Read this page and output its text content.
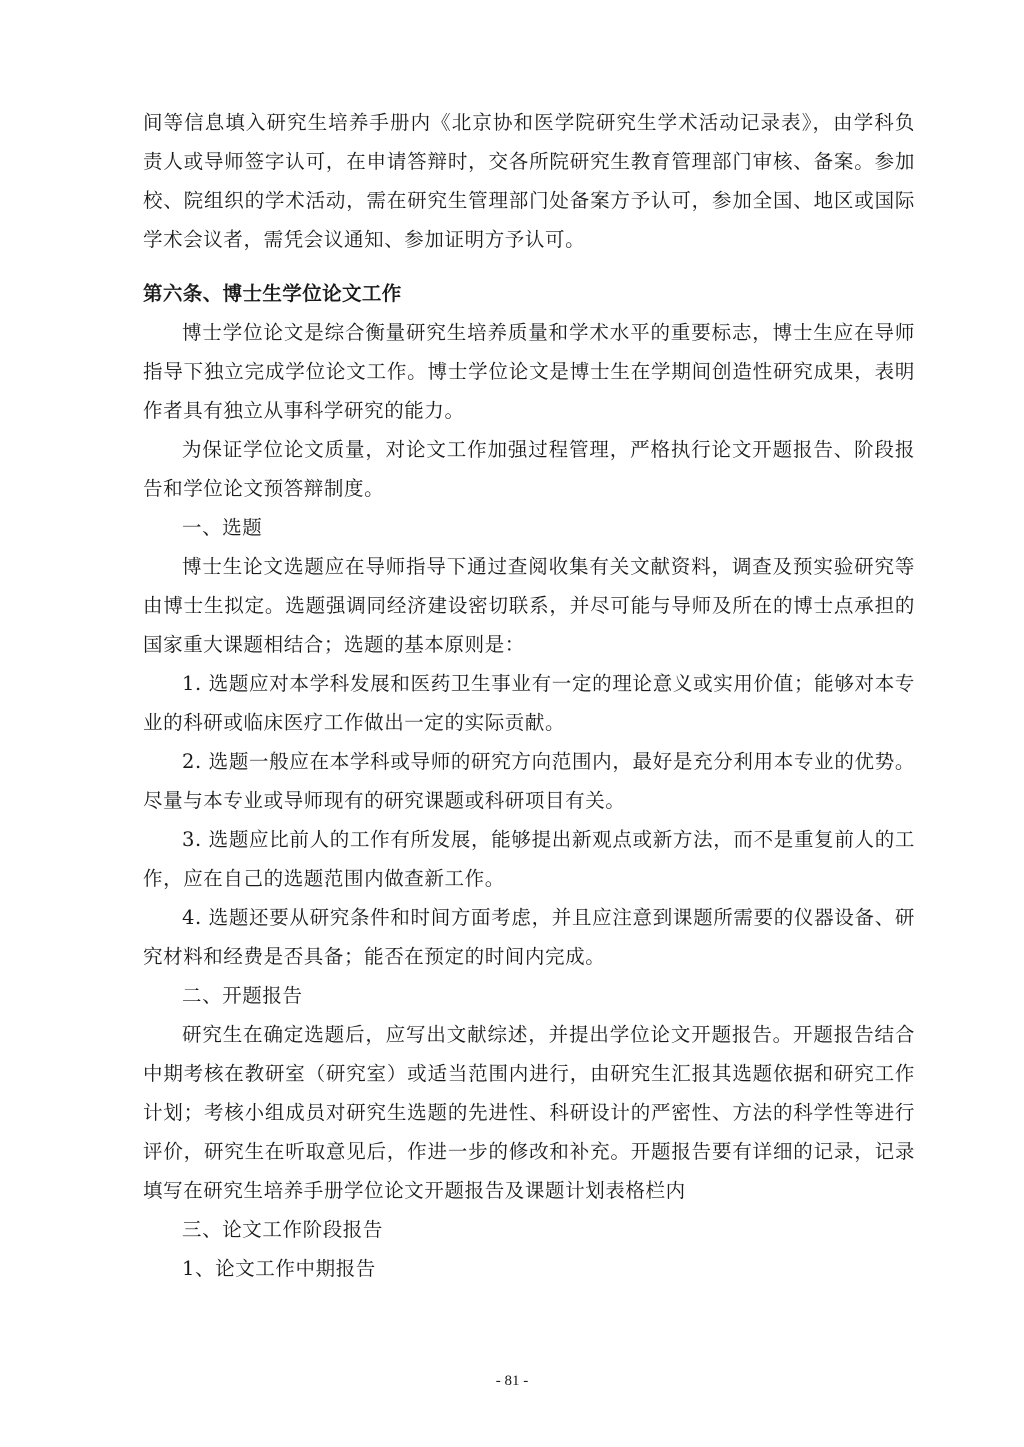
间等信息填入研究生培养手册内《北京协和医学院研究生学术活动记录表》，由学科负责人或导师签字认可，在申请答辩时，交各所院研究生教育管理部门审核、备案。参加校、院组织的学术活动，需在研究生管理部门处备案方予认可，参加全国、地区或国际学术会议者，需凭会议通知、参加证明方予认可。

第六条、博士生学位论文工作

博士学位论文是综合衡量研究生培养质量和学术水平的重要标志，博士生应在导师指导下独立完成学位论文工作。博士学位论文是博士生在学期间创造性研究成果，表明作者具有独立从事科学研究的能力。

为保证学位论文质量，对论文工作加强过程管理，严格执行论文开题报告、阶段报告和学位论文预答辩制度。

一、选题

博士生论文选题应在导师指导下通过查阅收集有关文献资料，调查及预实验研究等由博士生拟定。选题强调同经济建设密切联系，并尽可能与导师及所在的博士点承担的国家重大课题相结合；选题的基本原则是：

1. 选题应对本学科发展和医药卫生事业有一定的理论意义或实用价值；能够对本专业的科研或临床医疗工作做出一定的实际贡献。

2. 选题一般应在本学科或导师的研究方向范围内，最好是充分利用本专业的优势。尽量与本专业或导师现有的研究课题或科研项目有关。

3. 选题应比前人的工作有所发展，能够提出新观点或新方法，而不是重复前人的工作，应在自己的选题范围内做查新工作。

4. 选题还要从研究条件和时间方面考虑，并且应注意到课题所需要的仪器设备、研究材料和经费是否具备；能否在预定的时间内完成。

二、开题报告

研究生在确定选题后，应写出文献综述，并提出学位论文开题报告。开题报告结合中期考核在教研室（研究室）或适当范围内进行，由研究生汇报其选题依据和研究工作计划；考核小组成员对研究生选题的先进性、科研设计的严密性、方法的科学性等进行评价，研究生在听取意见后，作进一步的修改和补充。开题报告要有详细的记录，记录填写在研究生培养手册学位论文开题报告及课题计划表格栏内

三、论文工作阶段报告

1、论文工作中期报告

- 81 -
